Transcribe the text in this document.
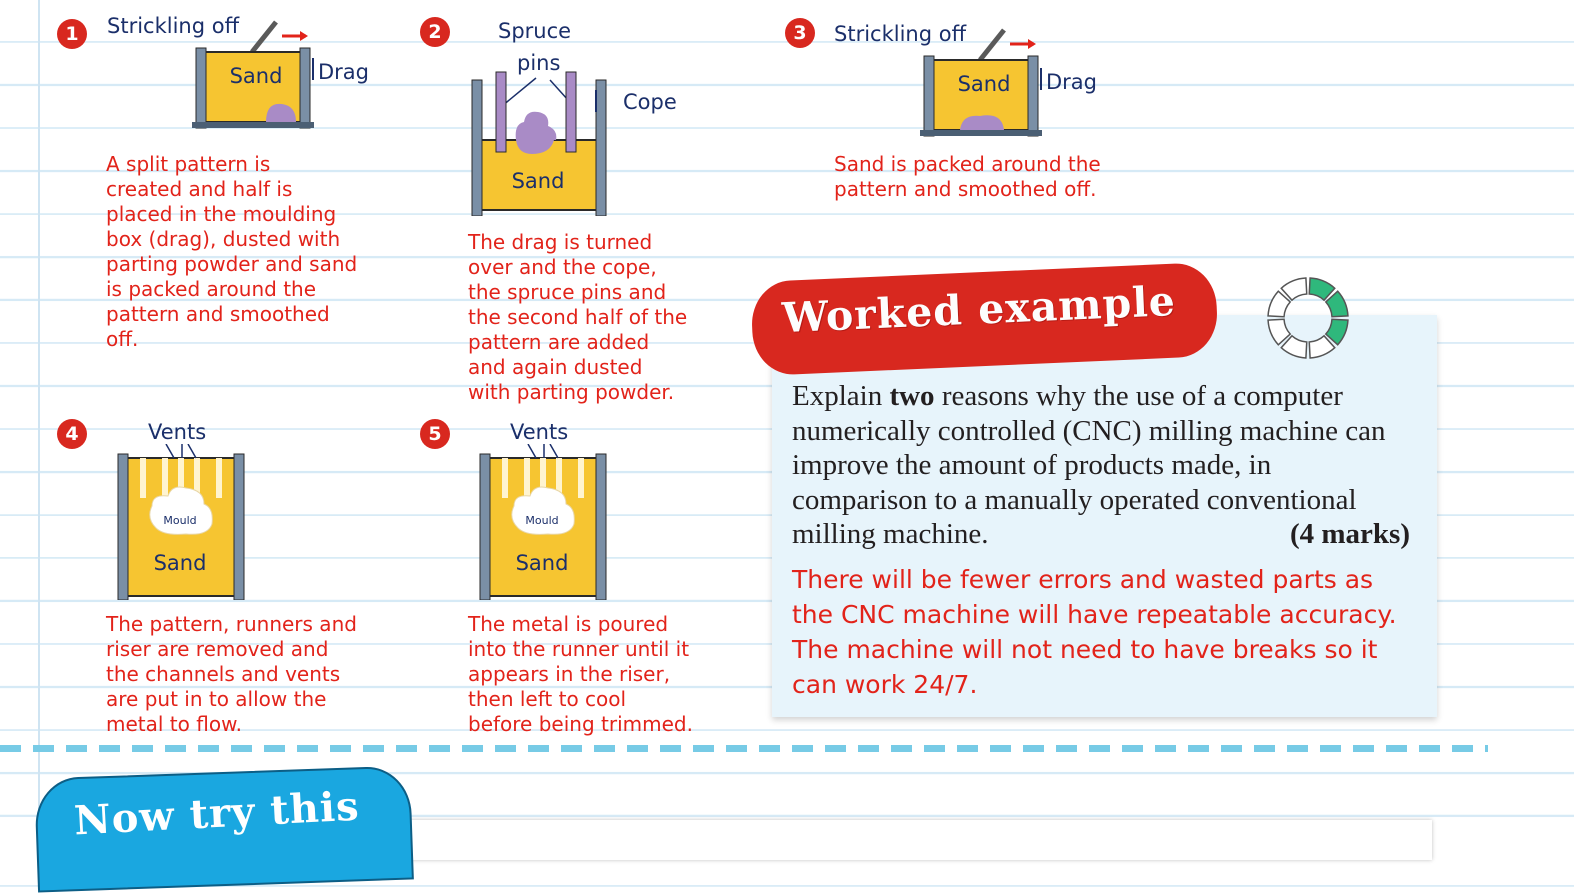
1	Strickling off
Sand Drag
A split pattern is
created and half is
placed in the moulding
box (drag), dusted with
parting powder and sand
is packed around the
pattern and smoothed
off.
2	Spruce
pins
Sand
Cope
The drag is turned
over and the cope,
the spruce pins and
the second half of the
pattern are added
and again dusted
with parting powder.
3	Strickling off
Sand Drag
Sand is packed around the
pattern and smoothed off.
4	Vents
Mould
Sand
The pattern, runners and
riser are removed and
the channels and vents
are put in to allow the
metal to flow.
5	Vents
Mould
Sand
The metal is poured
into the runner until it
appears in the riser,
then left to cool
before being trimmed.
Worked example
Explain two reasons why the use of a computer numerically controlled (CNC) milling machine can improve the amount of products made, in comparison to a manually operated conventional milling machine.	(4 marks)
There will be fewer errors and wasted parts as the CNC machine will have repeatable accuracy. The machine will not need to have breaks so it can work 24/7.
Now try this
